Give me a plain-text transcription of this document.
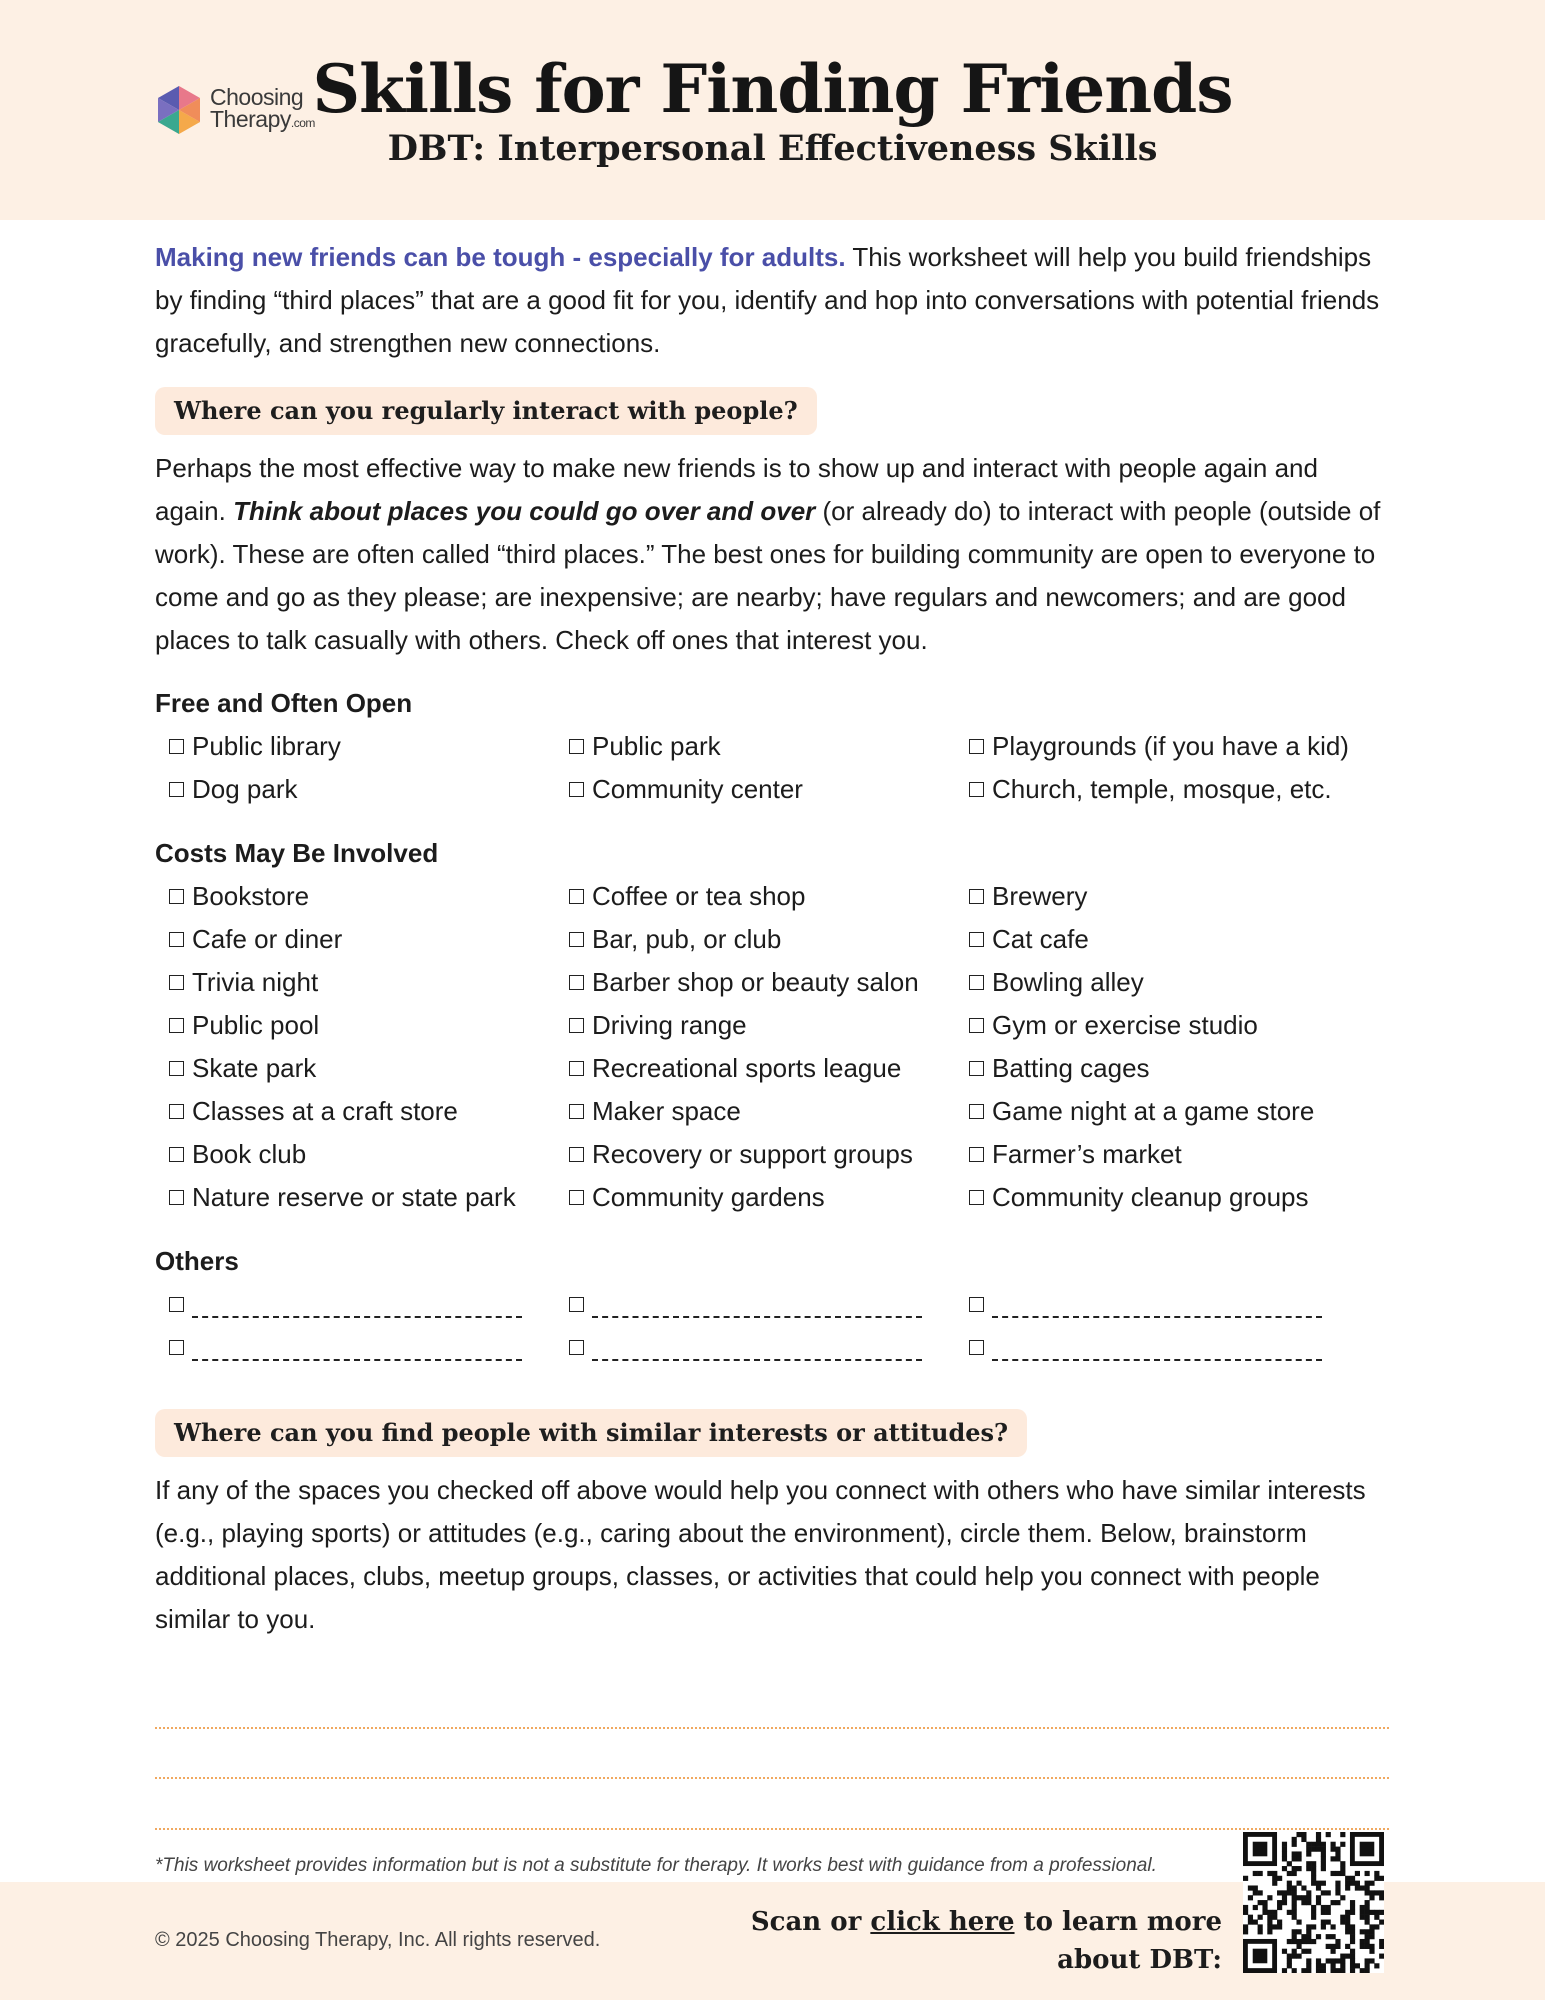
Choosing
Therapy.com
Skills for Finding Friends
DBT: Interpersonal Effectiveness Skills

Making new friends can be tough - especially for adults. This worksheet will help you build friendships by finding “third places” that are a good fit for you, identify and hop into conversations with potential friends gracefully, and strengthen new connections.

Where can you regularly interact with people?

Perhaps the most effective way to make new friends is to show up and interact with people again and again. Think about places you could go over and over (or already do) to interact with people (outside of work). These are often called “third places.” The best ones for building community are open to everyone to come and go as they please; are inexpensive; are nearby; have regulars and newcomers; and are good places to talk casually with others. Check off ones that interest you.

Free and Often Open

Public library	Public park	Playgrounds (if you have a kid)
Dog park	Community center	Church, temple, mosque, etc.

Costs May Be Involved

Bookstore	Coffee or tea shop	Brewery
Cafe or diner	Bar, pub, or club	Cat cafe
Trivia night	Barber shop or beauty salon	Bowling alley
Public pool	Driving range	Gym or exercise studio
Skate park	Recreational sports league	Batting cages
Classes at a craft store	Maker space	Game night at a game store
Book club	Recovery or support groups	Farmer’s market
Nature reserve or state park	Community gardens	Community cleanup groups

Others

Where can you find people with similar interests or attitudes?

If any of the spaces you checked off above would help you connect with others who have similar interests (e.g., playing sports) or attitudes (e.g., caring about the environment), circle them. Below, brainstorm additional places, clubs, meetup groups, classes, or activities that could help you connect with people similar to you.

*This worksheet provides information but is not a substitute for therapy. It works best with guidance from a professional.
© 2025 Choosing Therapy, Inc. All rights reserved.
Scan or click here to learn more
about DBT:
